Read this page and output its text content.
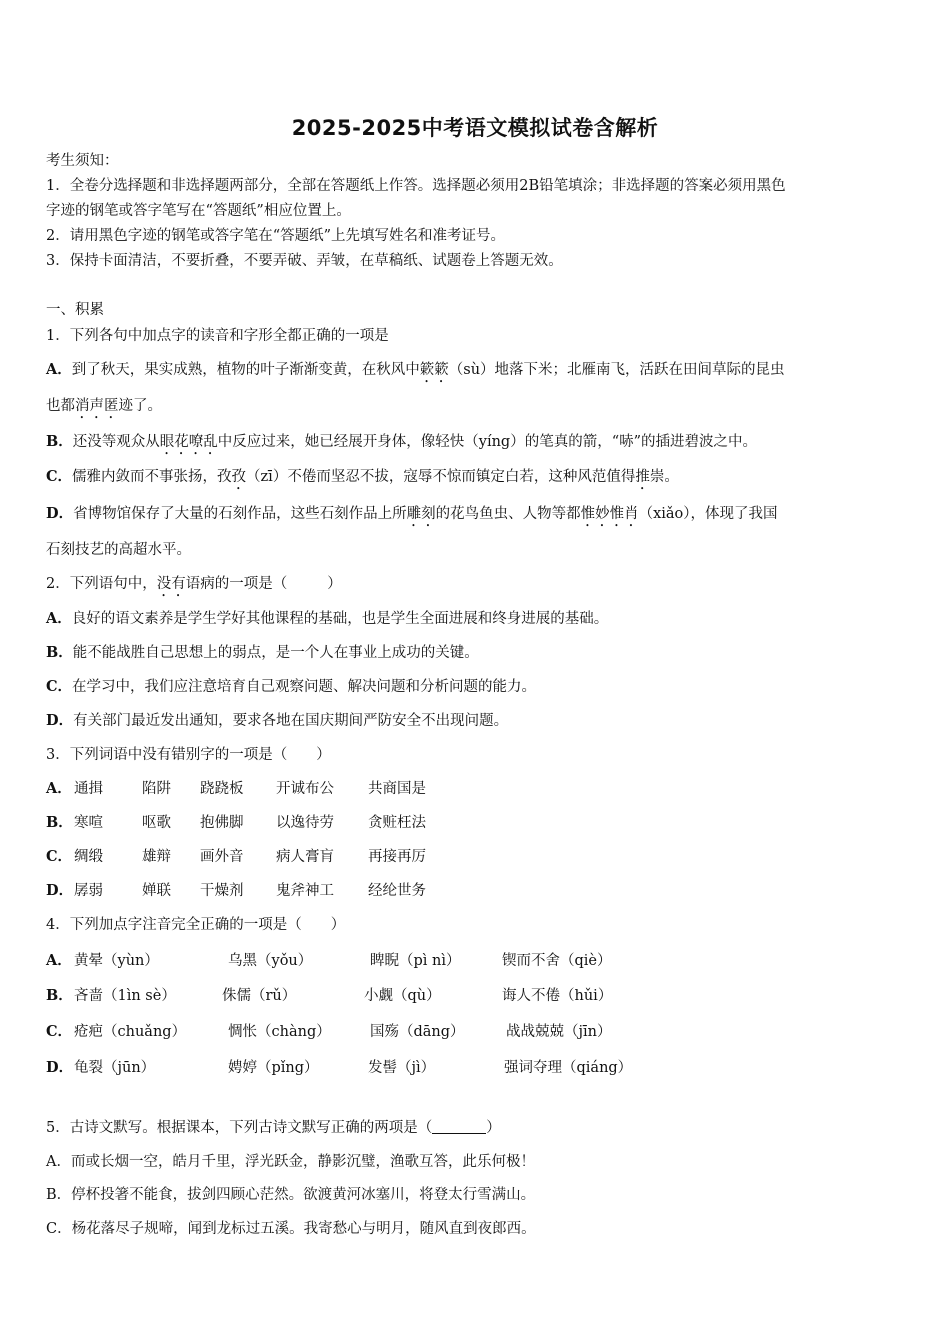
2025-2025中考语文模拟试卷含解析
考生须知：
1．全卷分选择题和非选择题两部分，全部在答题纸上作答。选择题必须用2B铅笔填涂；非选择题的答案必须用黑色
字迹的钢笔或答字笔写在“答题纸”相应位置上。
2．请用黑色字迹的钢笔或答字笔在“答题纸”上先填写姓名和准考证号。
3．保持卡面清洁，不要折叠，不要弄破、弄皱，在草稿纸、试题卷上答题无效。
一、积累
1．下列各句中加点字的读音和字形全都正确的一项是
A．到了秋天，果实成熟，植物的叶子渐渐变黄，在秋风中簌簌（sù）地落下米；北雁南飞，活跃在田间草际的昆虫
也都消声匿迹了。
B．还没等观众从眼花嘹乱中反应过来，她已经展开身体，像轻快（yíng）的笔真的箭，“哧”的插进碧波之中。
C．儒雅内敛而不事张扬，孜孜（zī）不倦而坚忍不拔，寇辱不惊而镇定白若，这种风范值得推崇。
D．省博物馆保存了大量的石刻作品，这些石刻作品上所雕刻的花鸟鱼虫、人物等都惟妙惟肖（xiǎo），体现了我国
石刻技艺的高超水平。
2．下列语句中，没有语病的一项是（	）
A．良好的语文素养是学生学好其他课程的基础，也是学生全面进展和终身进展的基础。
B．能不能战胜自己思想上的弱点，是一个人在事业上成功的关键。
C．在学习中，我们应注意培育自己观察问题、解决问题和分析问题的能力。
D．有关部门最近发出通知，要求各地在国庆期间严防安全不出现问题。
3．下列词语中没有错别字的一项是（　　）
A． 通揖	陷阱 跷跷板 开诚布公 共商国是
B． 寒喧	呕歌 抱佛脚 以逸待劳 贪赃枉法
C． 绸缎	雄辩 画外音 病人膏肓 再接再厉
D． 孱弱	婵联 干燥剂 鬼斧神工 经纶世务
4．下列加点字注音完全正确的一项是（　　）
A． 黄晕（yùn）	乌黑（yǒu）	睥睨（pì nì）	锲而不舍（qiè）
B． 吝啬（1ìn sè）	侏儒（rǔ）	小觑（qù）	诲人不倦（hǔi）
C． 疮疤（chuǎng）	惆怅（chàng）	国殇（dāng）	战战兢兢（jīn）
D． 龟裂（jūn）	娉婷（pǐng）	发髻（jì）	强词夺理（qiáng）
5．古诗文默写。根据课本，下列古诗文默写正确的两项是（	）
A．而或长烟一空，皓月千里，浮光跃金，静影沉璧，渔歌互答，此乐何极！
B．停杯投箸不能食，拔剑四顾心茫然。欲渡黄河冰塞川，将登太行雪满山。
C．杨花落尽子规啼，闻到龙标过五溪。我寄愁心与明月，随风直到夜郎西。
